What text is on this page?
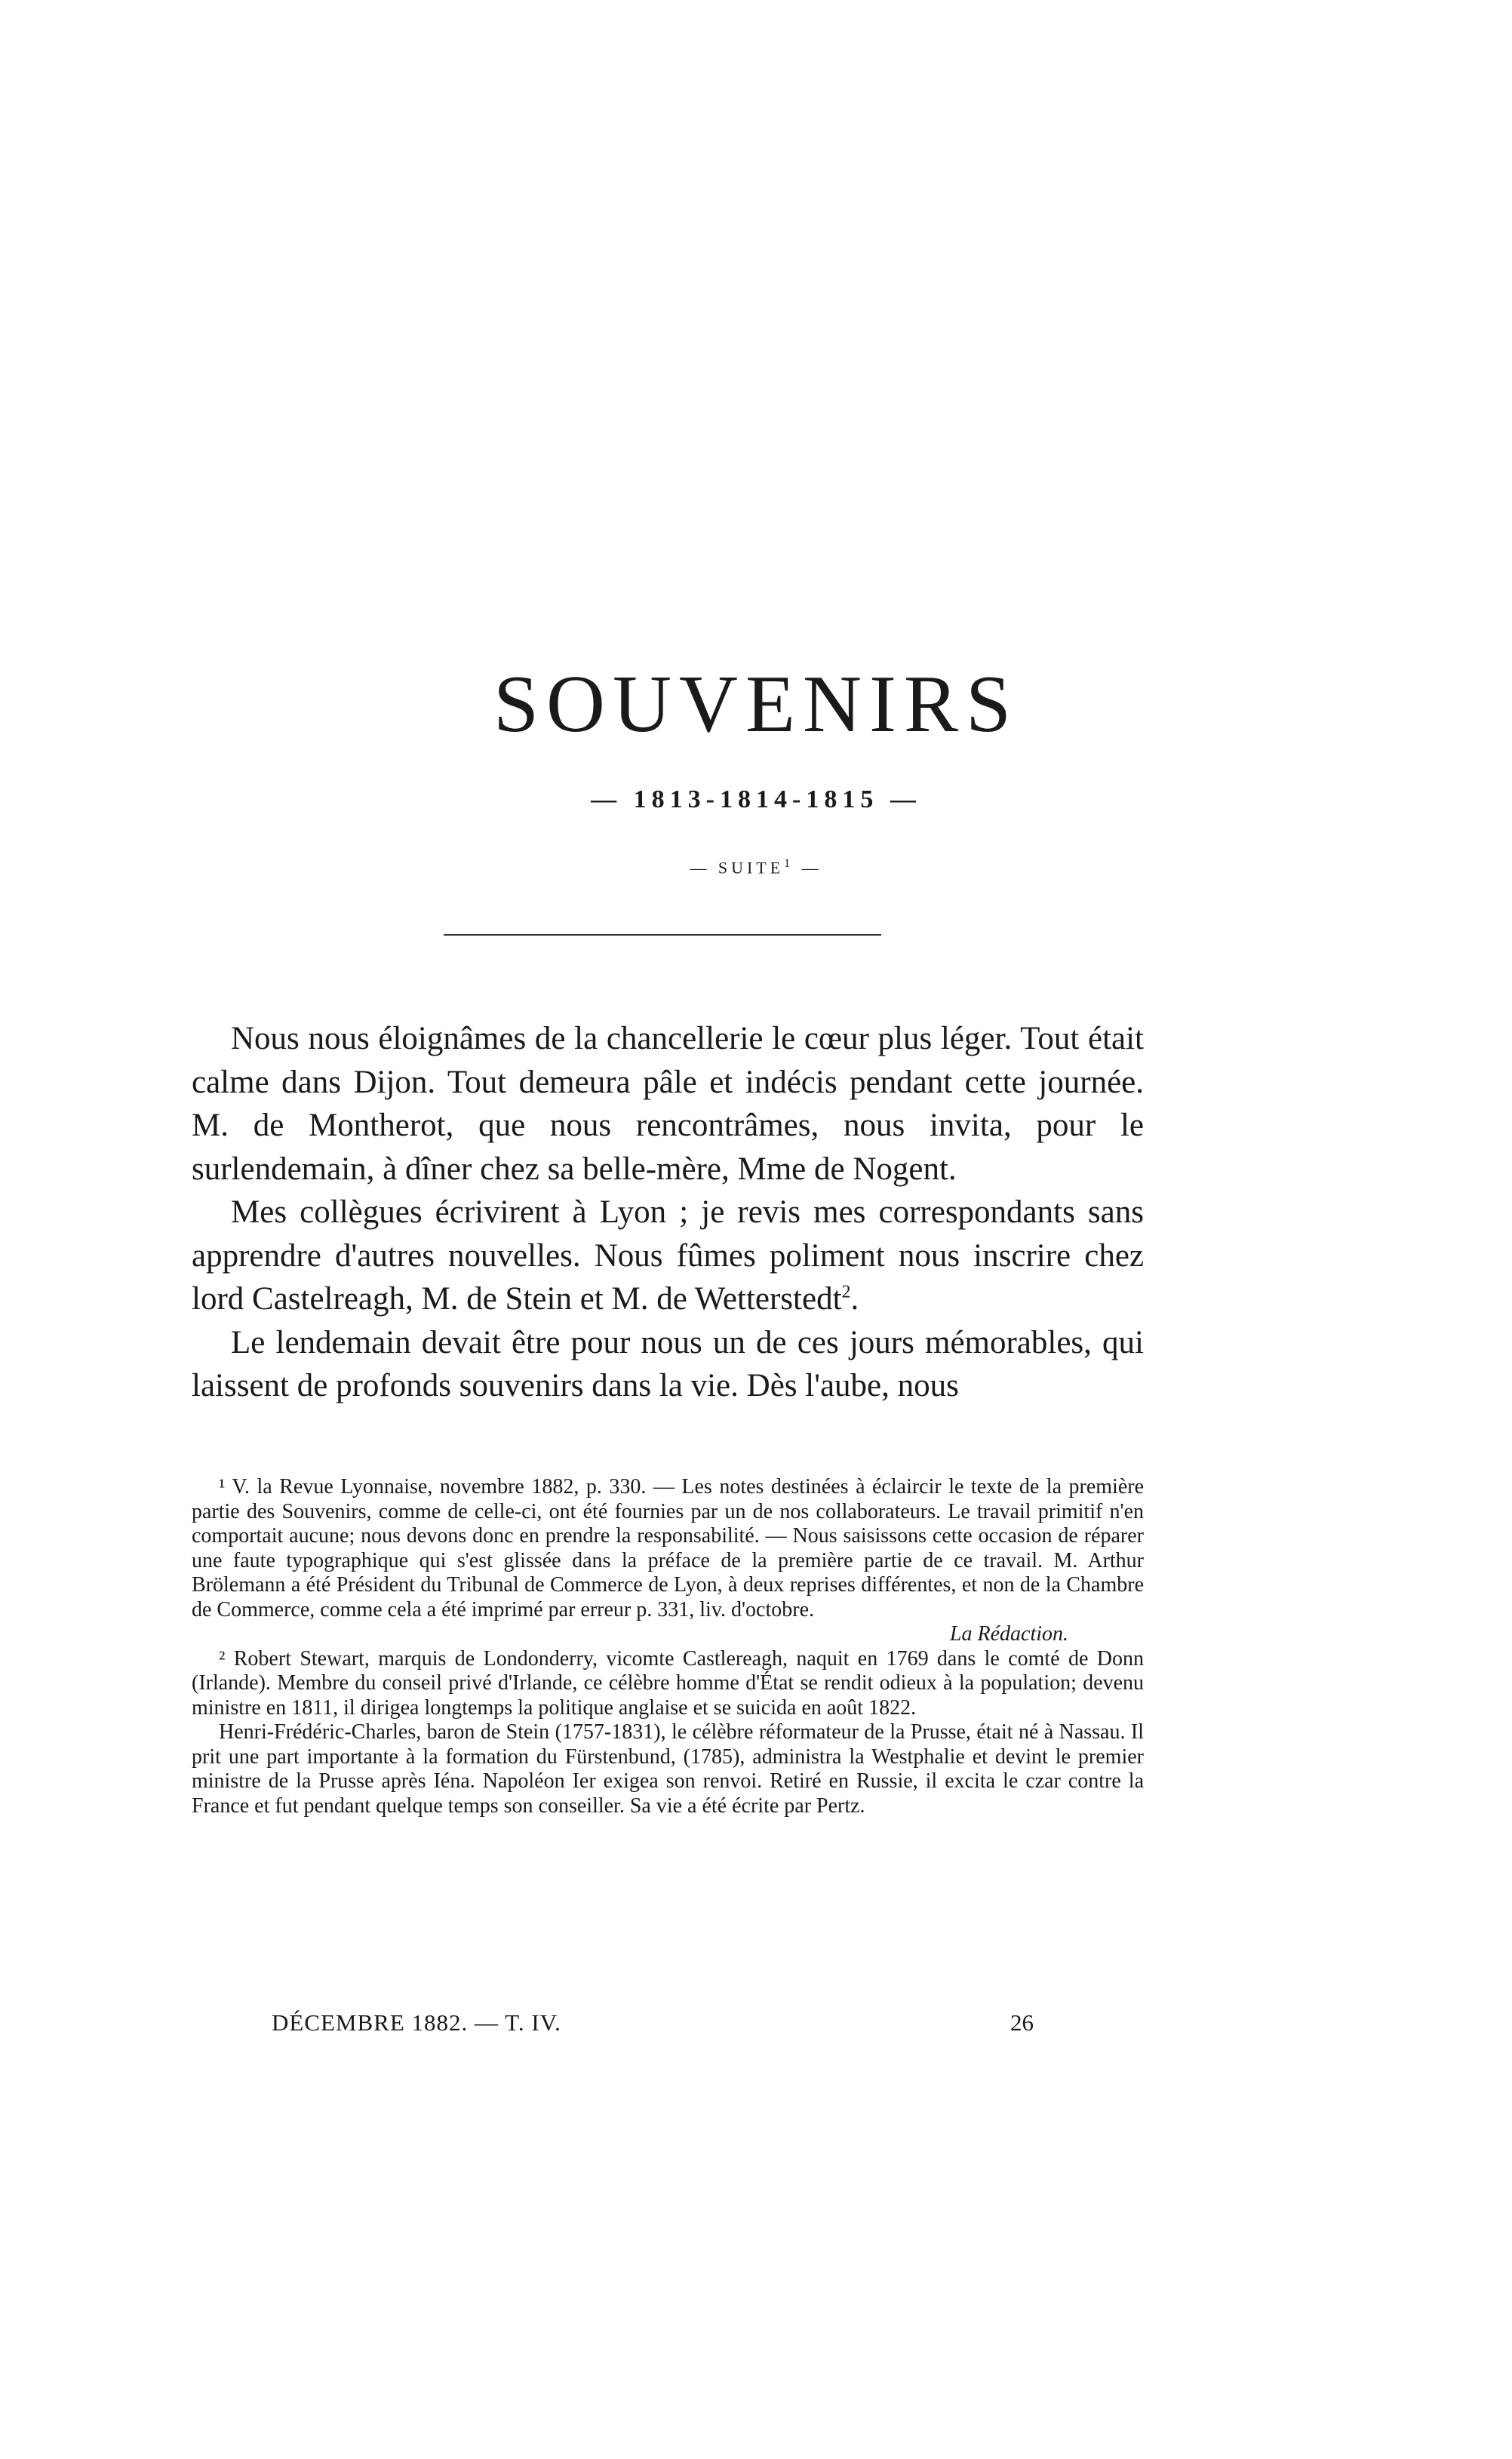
SOUVENIRS
— 1813-1814-1815 —
— SUITE$^1$ —

Nous nous éloignâmes de la chancellerie le cœur plus léger. Tout était calme dans Dijon. Tout demeura pâle et indécis pendant cette journée. M. de Montherot, que nous rencontrâmes, nous invita, pour le surlendemain, à dîner chez sa belle-mère, Mme de Nogent.

Mes collègues écrivirent à Lyon ; je revis mes correspondants sans apprendre d'autres nouvelles. Nous fûmes poliment nous inscrire chez lord Castelreagh, M. de Stein et M. de Wetterstedt$^2$.

Le lendemain devait être pour nous un de ces jours mémorables, qui laissent de profonds souvenirs dans la vie. Dès l'aube, nous

¹ V. la Revue Lyonnaise, novembre 1882, p. 330. — Les notes destinées à éclaircir le texte de la première partie des Souvenirs, comme de celle-ci, ont été fournies par un de nos collaborateurs. Le travail primitif n'en comportait aucune; nous devons donc en prendre la responsabilité. — Nous saisissons cette occasion de réparer une faute typographique qui s'est glissée dans la préface de la première partie de ce travail. M. Arthur Brölemann a été Président du Tribunal de Commerce de Lyon, à deux reprises différentes, et non de la Chambre de Commerce, comme cela a été imprimé par erreur p. 331, liv. d'octobre.

La Rédaction.

² Robert Stewart, marquis de Londonderry, vicomte Castlereagh, naquit en 1769 dans le comté de Donn (Irlande). Membre du conseil privé d'Irlande, ce célèbre homme d'État se rendit odieux à la population; devenu ministre en 1811, il dirigea longtemps la politique anglaise et se suicida en août 1822.

Henri-Frédéric-Charles, baron de Stein (1757-1831), le célèbre réformateur de la Prusse, était né à Nassau. Il prit une part importante à la formation du Fürstenbund, (1785), administra la Westphalie et devint le premier ministre de la Prusse après Iéna. Napoléon Ier exigea son renvoi. Retiré en Russie, il excita le czar contre la France et fut pendant quelque temps son conseiller. Sa vie a été écrite par Pertz.

DÉCEMBRE 1882. — T. IV.	26
